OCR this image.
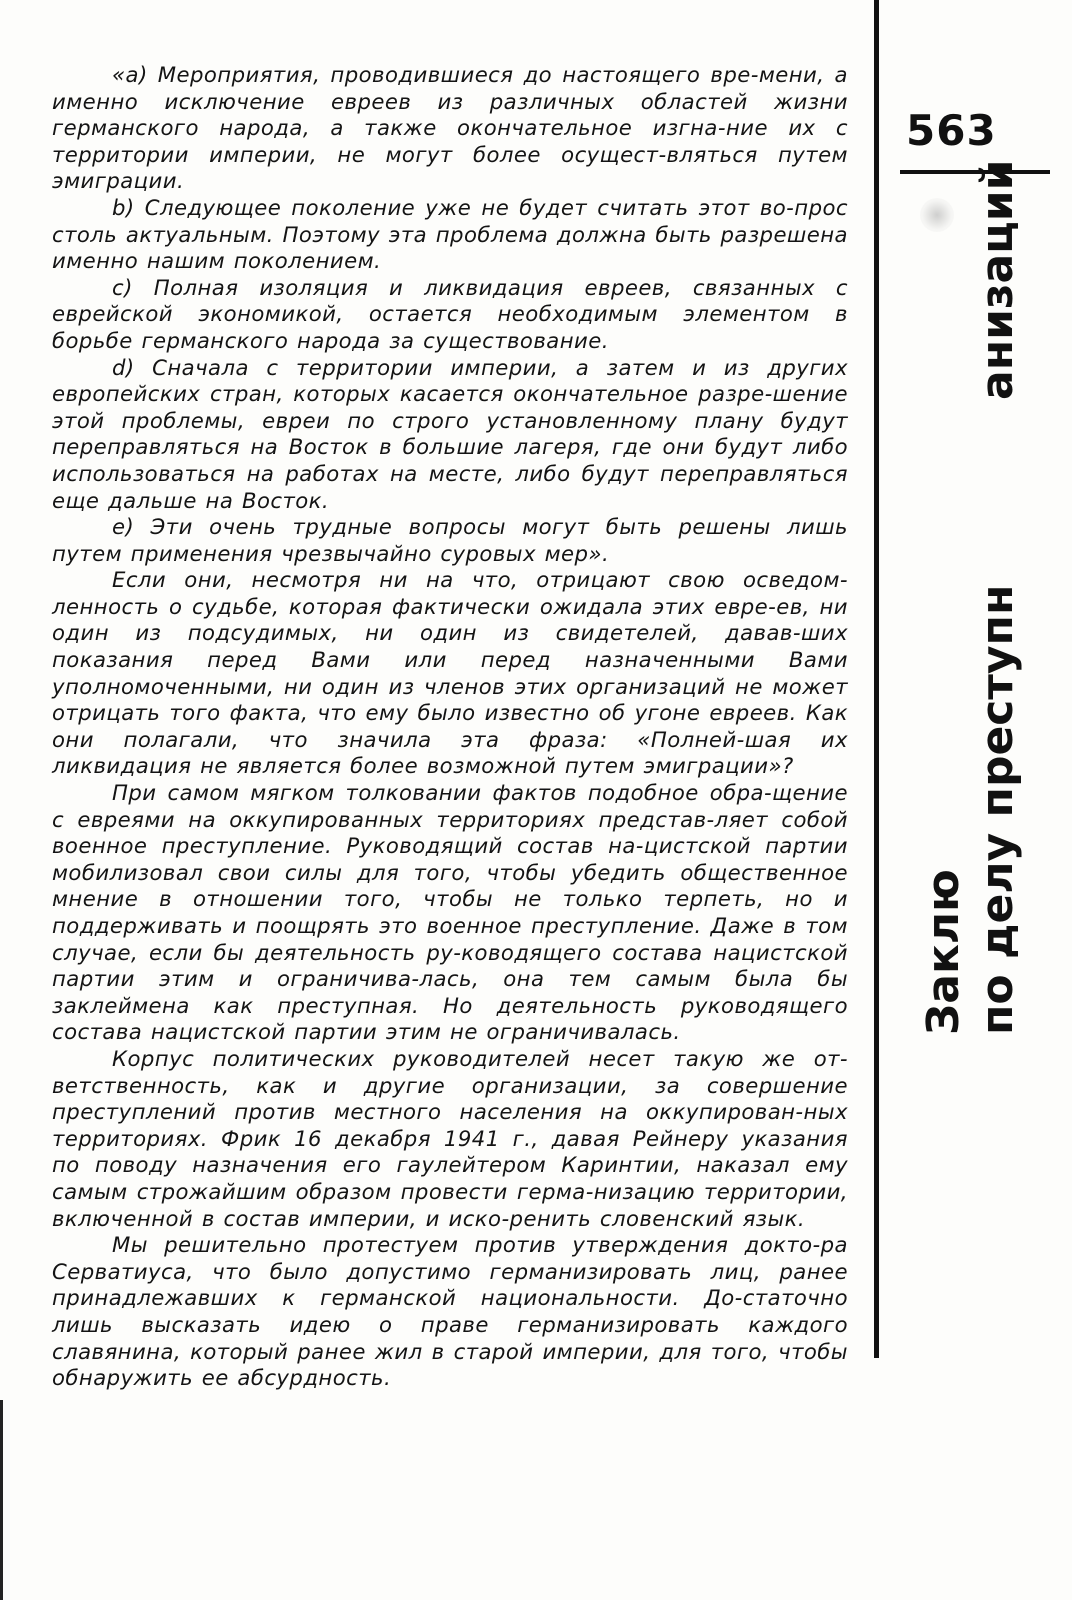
«а) Мероприятия, проводившиеся до настоящего вре-мени, а именно исключение евреев из различных областей жизни германского народа, а также окончательное изгна-ние их с территории империи, не могут более осущест-вляться путем эмиграции.

b) Следующее поколение уже не будет считать этот во-прос столь актуальным. Поэтому эта проблема должна быть разрешена именно нашим поколением.

c) Полная изоляция и ликвидация евреев, связанных с еврейской экономикой, остается необходимым элементом в борьбе германского народа за существование.

d) Сначала с территории империи, а затем и из других европейских стран, которых касается окончательное разре-шение этой проблемы, евреи по строго установленному плану будут переправляться на Восток в большие лагеря, где они будут либо использоваться на работах на месте, либо будут переправляться еще дальше на Восток.

e) Эти очень трудные вопросы могут быть решены лишь путем применения чрезвычайно суровых мер».

Если они, несмотря ни на что, отрицают свою осведом-ленность о судьбе, которая фактически ожидала этих евре-ев, ни один из подсудимых, ни один из свидетелей, давав-ших показания перед Вами или перед назначенными Вами уполномоченными, ни один из членов этих организаций не может отрицать того факта, что ему было известно об угоне евреев. Как они полагали, что значила эта фраза: «Полней-шая их ликвидация не является более возможной путем эмиграции»?

При самом мягком толковании фактов подобное обра-щение с евреями на оккупированных территориях представ-ляет собой военное преступление. Руководящий состав на-цистской партии мобилизовал свои силы для того, чтобы убедить общественное мнение в отношении того, чтобы не только терпеть, но и поддерживать и поощрять это военное преступление. Даже в том случае, если бы деятельность ру-ководящего состава нацистской партии этим и ограничива-лась, она тем самым была бы заклеймена как преступная. Но деятельность руководящего состава нацистской партии этим не ограничивалась.

Корпус политических руководителей несет такую же от-ветственность, как и другие организации, за совершение преступлений против местного населения на оккупирован-ных территориях. Фрик 16 декабря 1941 г., давая Рейнеру указания по поводу назначения его гаулейтером Каринтии, наказал ему самым строжайшим образом провести герма-низацию территории, включенной в состав империи, и искo-ренить словенский язык.

Мы решительно протестуем против утверждения докто-ра Серватиуса, что было допустимо германизировать лиц, ранее принадлежавших к германской национальности. До-статочно лишь высказать идею о праве германизировать каждого славянина, который ранее жил в старой империи, для того, чтобы обнаружить ее абсурдность.

563
Заклю по делу преступн
анизаций
